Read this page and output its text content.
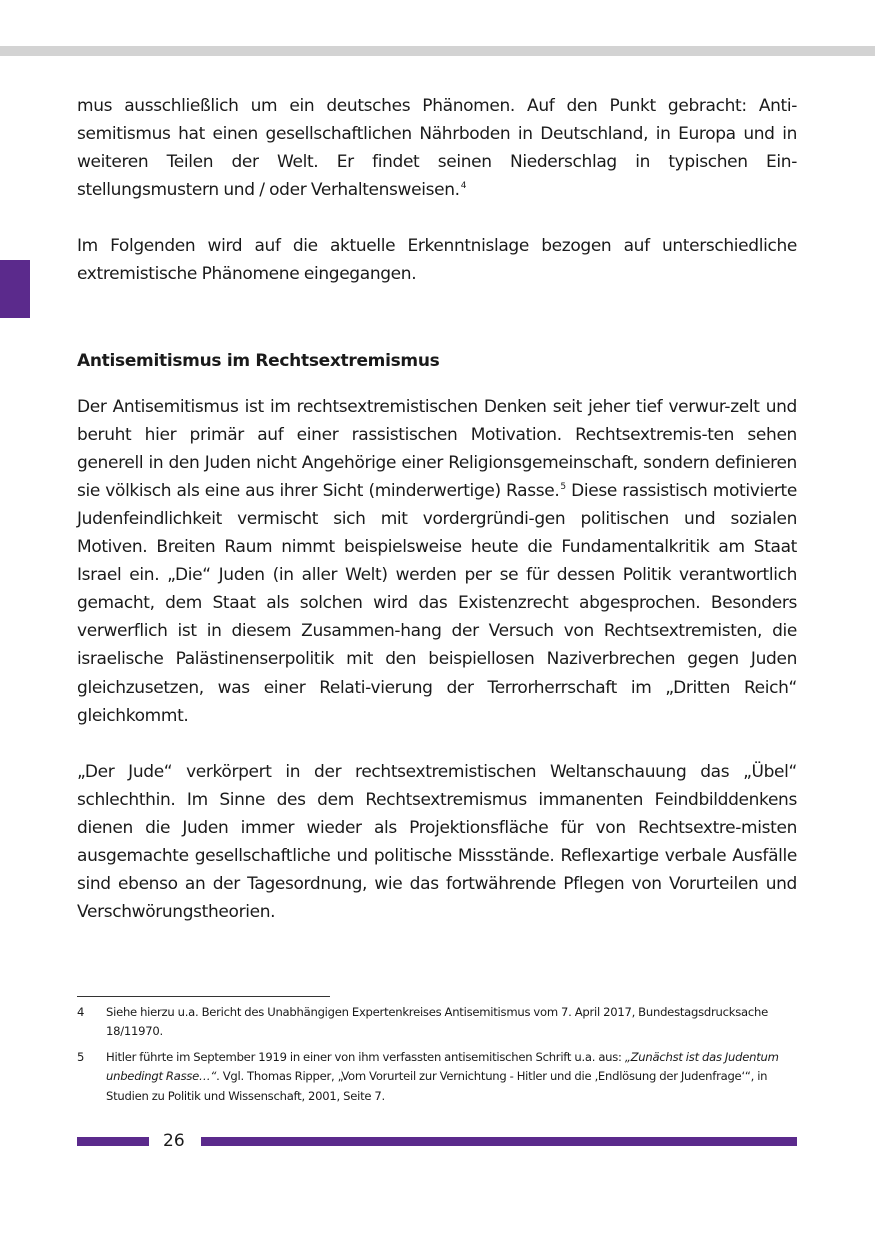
mus ausschließlich um ein deutsches Phänomen. Auf den Punkt gebracht: Anti-semitismus hat einen gesellschaftlichen Nährboden in Deutschland, in Europa und in weiteren Teilen der Welt. Er findet seinen Niederschlag in typischen Ein-stellungsmustern und / oder Verhaltensweisen.$^4$

Im Folgenden wird auf die aktuelle Erkenntnislage bezogen auf unterschiedliche extremistische Phänomene eingegangen.

Antisemitismus im Rechtsextremismus

Der Antisemitismus ist im rechtsextremistischen Denken seit jeher tief verwur-zelt und beruht hier primär auf einer rassistischen Motivation. Rechtsextremis-ten sehen generell in den Juden nicht Angehörige einer Religionsgemeinschaft, sondern definieren sie völkisch als eine aus ihrer Sicht (minderwertige) Rasse.$^5$ Diese rassistisch motivierte Judenfeindlichkeit vermischt sich mit vordergründi-gen politischen und sozialen Motiven. Breiten Raum nimmt beispielsweise heute die Fundamentalkritik am Staat Israel ein. „Die“ Juden (in aller Welt) werden per se für dessen Politik verantwortlich gemacht, dem Staat als solchen wird das Existenzrecht abgesprochen. Besonders verwerflich ist in diesem Zusammen-hang der Versuch von Rechtsextremisten, die israelische Palästinenserpolitik mit den beispiellosen Naziverbrechen gegen Juden gleichzusetzen, was einer Relati-vierung der Terrorherrschaft im „Dritten Reich“ gleichkommt.

„Der Jude“ verkörpert in der rechtsextremistischen Weltanschauung das „Übel“ schlechthin. Im Sinne des dem Rechtsextremismus immanenten Feindbilddenkens dienen die Juden immer wieder als Projektionsfläche für von Rechtsextre-misten ausgemachte gesellschaftliche und politische Missstände. Reflexartige verbale Ausfälle sind ebenso an der Tagesordnung, wie das fortwährende Pflegen von Vorurteilen und Verschwörungstheorien.

4	Siehe hierzu u.a. Bericht des Unabhängigen Expertenkreises Antisemitismus vom 7. April 2017, Bundestagsdrucksache 18/11970.
5	Hitler führte im September 1919 in einer von ihm verfassten antisemitischen Schrift u.a. aus: „Zunächst ist das Judentum unbedingt Rasse…“. Vgl. Thomas Ripper, „Vom Vorurteil zur Vernichtung - Hitler und die ‚Endlösung der Judenfrage‘“, in Studien zu Politik und Wissenschaft, 2001, Seite 7.
26
